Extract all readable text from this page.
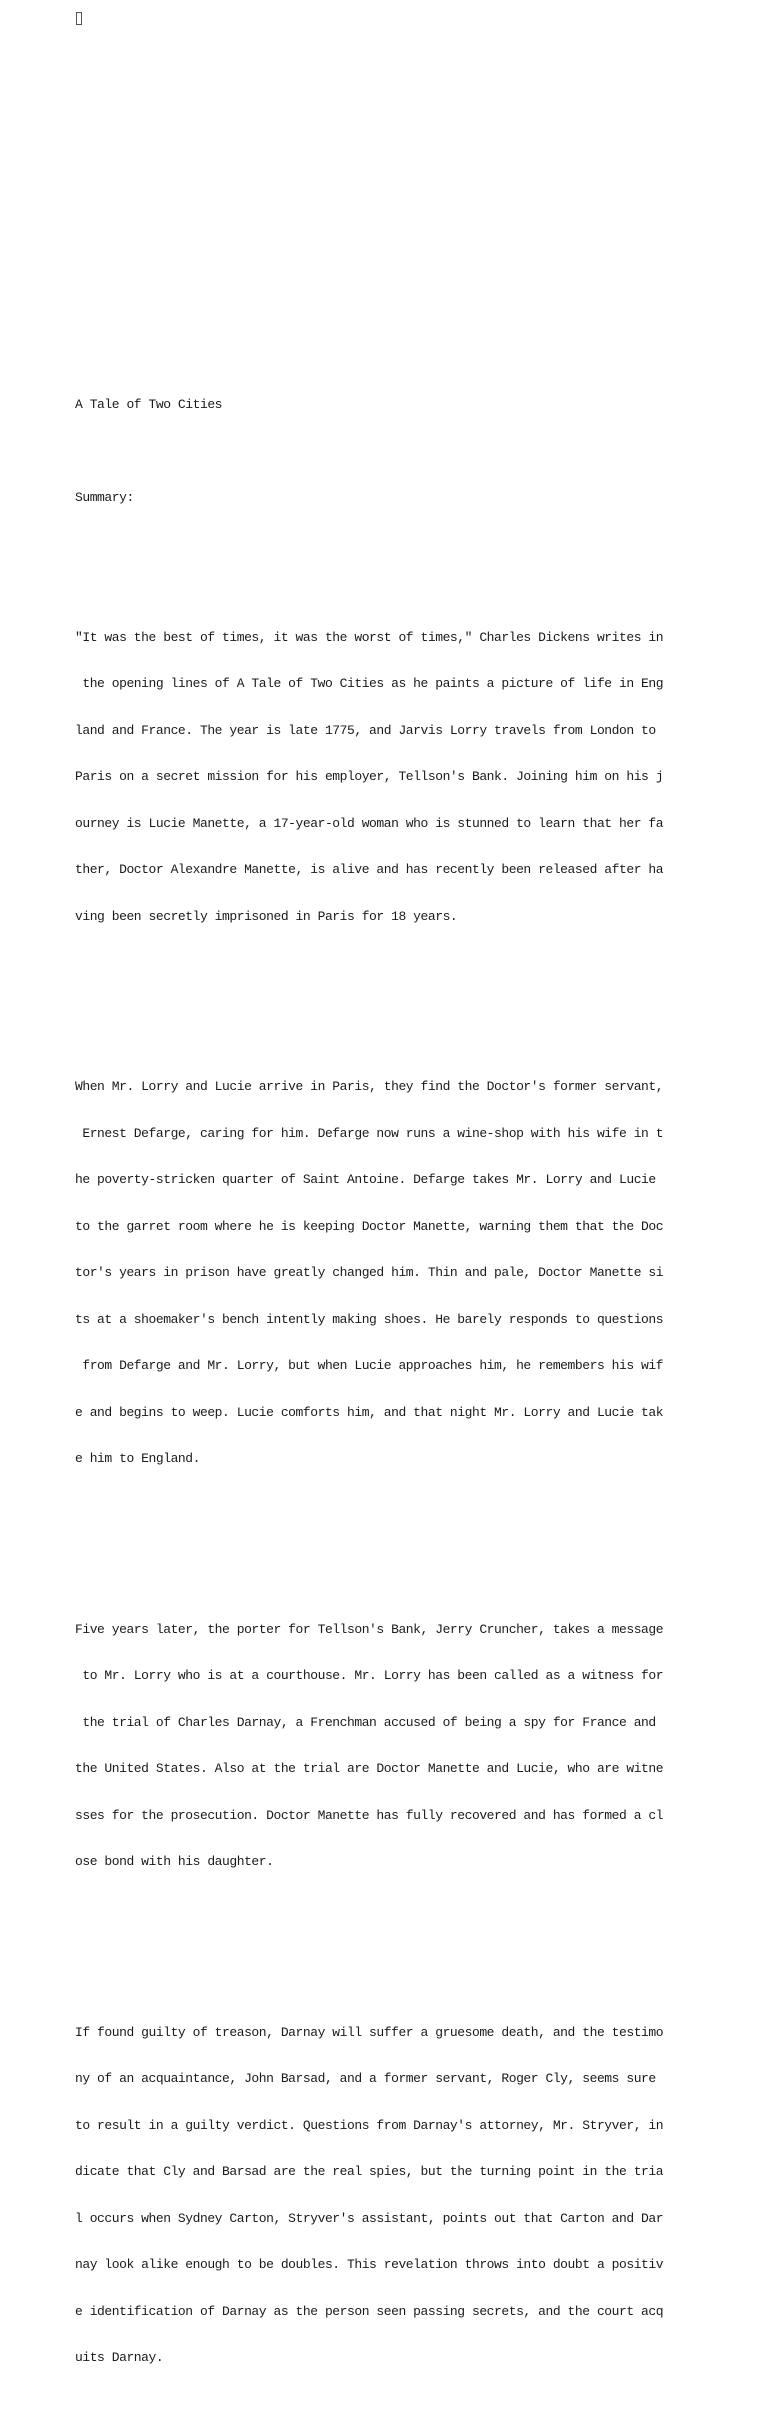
A Tale of Two Cities

Summary:

"It was the best of times, it was the worst of times," Charles Dickens writes in

the opening lines of A Tale of Two Cities as he paints a picture of life in Eng

land and France. The year is late 1775, and Jarvis Lorry travels from London to

Paris on a secret mission for his employer, Tellson's Bank. Joining him on his j

ourney is Lucie Manette, a 17-year-old woman who is stunned to learn that her fa

ther, Doctor Alexandre Manette, is alive and has recently been released after ha

ving been secretly imprisoned in Paris for 18 years.

When Mr. Lorry and Lucie arrive in Paris, they find the Doctor's former servant,

Ernest Defarge, caring for him. Defarge now runs a wine-shop with his wife in t

he poverty-stricken quarter of Saint Antoine. Defarge takes Mr. Lorry and Lucie

to the garret room where he is keeping Doctor Manette, warning them that the Doc

tor's years in prison have greatly changed him. Thin and pale, Doctor Manette si

ts at a shoemaker's bench intently making shoes. He barely responds to questions

from Defarge and Mr. Lorry, but when Lucie approaches him, he remembers his wif

e and begins to weep. Lucie comforts him, and that night Mr. Lorry and Lucie tak

e him to England.

Five years later, the porter for Tellson's Bank, Jerry Cruncher, takes a message

to Mr. Lorry who is at a courthouse. Mr. Lorry has been called as a witness for

the trial of Charles Darnay, a Frenchman accused of being a spy for France and

the United States. Also at the trial are Doctor Manette and Lucie, who are witne

sses for the prosecution. Doctor Manette has fully recovered and has formed a cl

ose bond with his daughter.

If found guilty of treason, Darnay will suffer a gruesome death, and the testimo

ny of an acquaintance, John Barsad, and a former servant, Roger Cly, seems sure

to result in a guilty verdict. Questions from Darnay's attorney, Mr. Stryver, in

dicate that Cly and Barsad are the real spies, but the turning point in the tria

l occurs when Sydney Carton, Stryver's assistant, points out that Carton and Dar

nay look alike enough to be doubles. This revelation throws into doubt a positiv

e identification of Darnay as the person seen passing secrets, and the court acq

uits Darnay.
